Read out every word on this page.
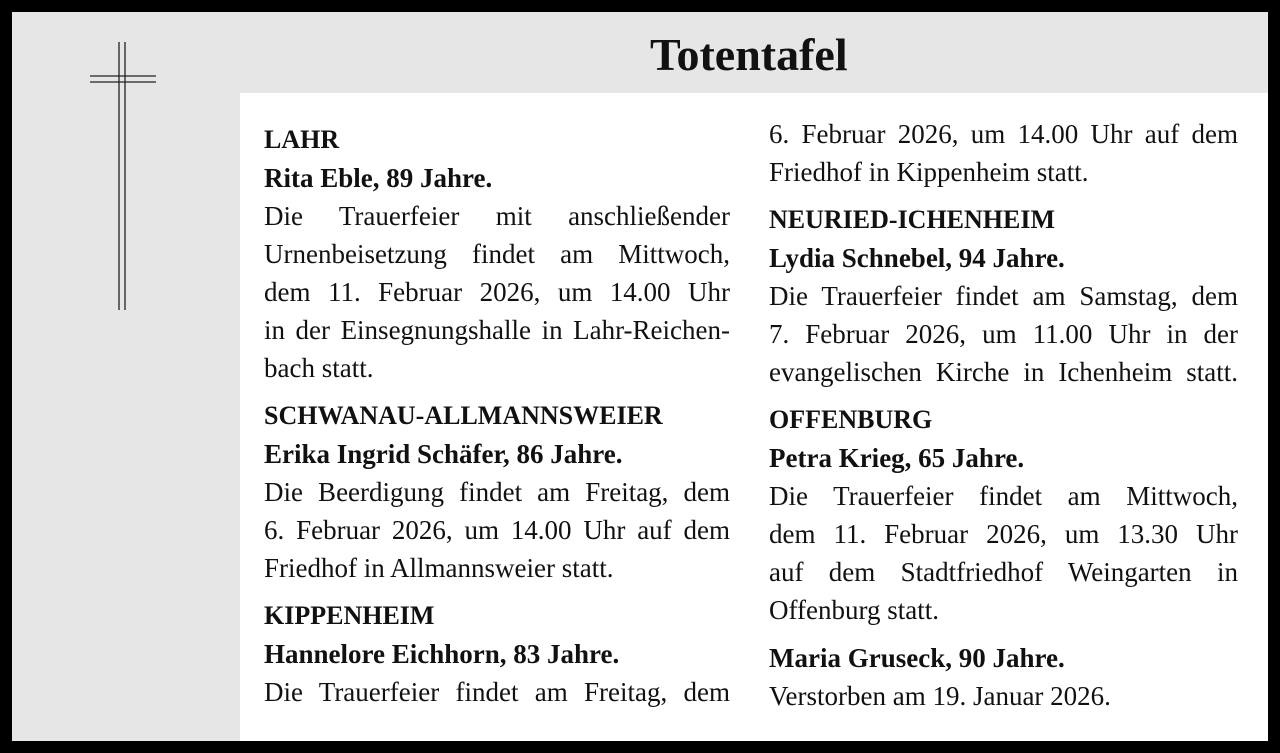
Totentafel
LAHR
Rita Eble, 89 Jahre.
Die Trauerfeier mit anschließender
Urnenbeisetzung findet am Mittwoch,
dem 11. Februar 2026, um 14.00 Uhr
in der Einsegnungshalle in Lahr-Reichen-
bach statt.
SCHWANAU-ALLMANNSWEIER
Erika Ingrid Schäfer, 86 Jahre.
Die Beerdigung findet am Freitag, dem
6. Februar 2026, um 14.00 Uhr auf dem
Friedhof in Allmannsweier statt.
KIPPENHEIM
Hannelore Eichhorn, 83 Jahre.
Die Trauerfeier findet am Freitag, dem
6. Februar 2026, um 14.00 Uhr auf dem
Friedhof in Kippenheim statt.
NEURIED-ICHENHEIM
Lydia Schnebel, 94 Jahre.
Die Trauerfeier findet am Samstag, dem
7. Februar 2026, um 11.00 Uhr in der
evangelischen Kirche in Ichenheim statt.
OFFENBURG
Petra Krieg, 65 Jahre.
Die Trauerfeier findet am Mittwoch,
dem 11. Februar 2026, um 13.30 Uhr
auf dem Stadtfriedhof Weingarten in
Offenburg statt.
Maria Gruseck, 90 Jahre.
Verstorben am 19. Januar 2026.
